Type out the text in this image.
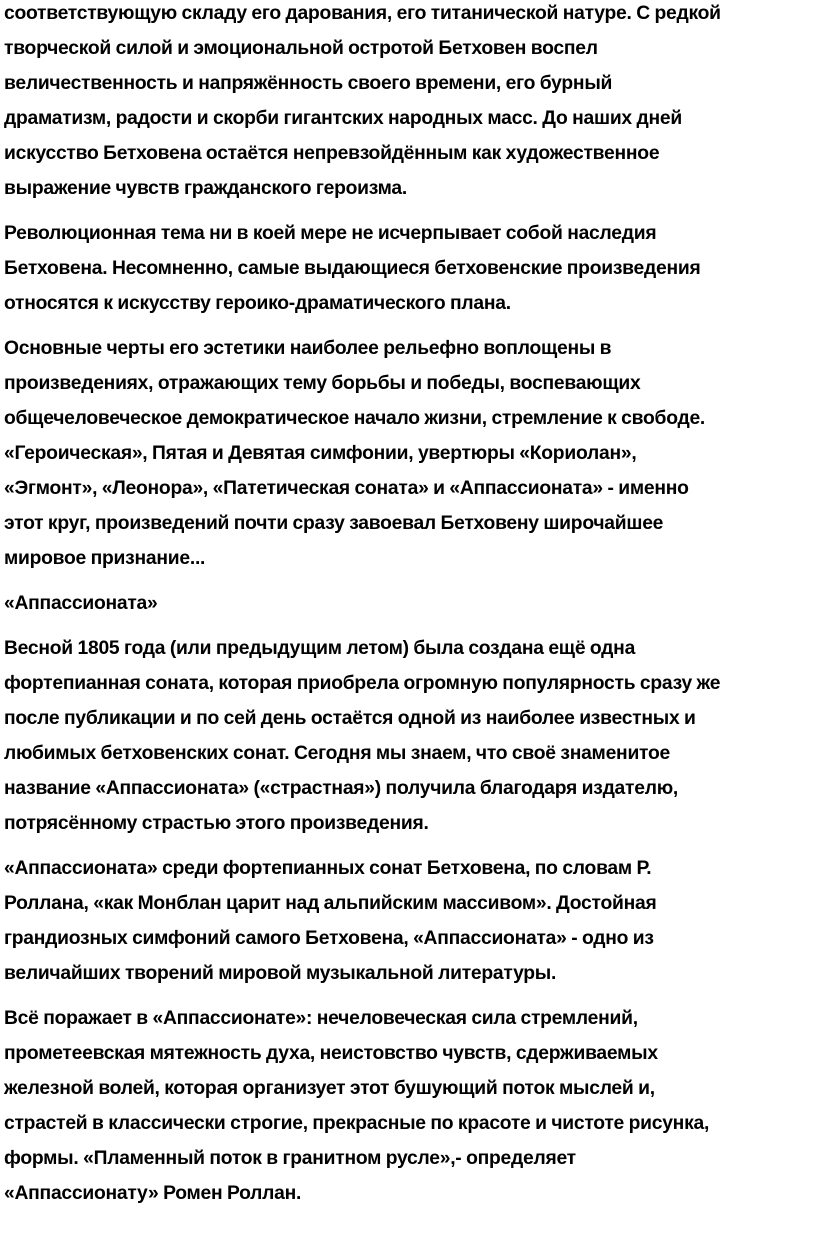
соответствующую складу его дарования, его титанической натуре. С редкой
творческой силой и эмоциональной остротой Бетховен воспел
величественность и напряжённость своего времени, его бурный
драматизм, радости и скорби гигантских народных масс. До наших дней
искусство Бетховена остаётся непревзойдённым как художественное
выражение чувств гражданского героизма.
Революционная тема ни в коей мере не исчерпывает собой наследия
Бетховена. Несомненно, самые выдающиеся бетховенские произведения
относятся к искусству героико-драматического плана.
Основные черты его эстетики наиболее рельефно воплощены в
произведениях, отражающих тему борьбы и победы, воспевающих
общечеловеческое демократическое начало жизни, стремление к свободе.
«Героическая», Пятая и Девятая симфонии, увертюры «Кориолан»,
«Эгмонт», «Леонора», «Патетическая соната» и «Аппассионата» - именно
этот круг, произведений почти сразу завоевал Бетховену широчайшее
мировое признание...
«Аппассионата»
Весной 1805 года (или предыдущим летом) была создана ещё одна
фортепианная соната, которая приобрела огромную популярность сразу же
после публикации и по сей день остаётся одной из наиболее известных и
любимых бетховенских сонат. Сегодня мы знаем, что своё знаменитое
название «Аппассионата» («страстная») получила благодаря издателю,
потрясённому страстью этого произведения.
«Аппассионата» среди фортепианных сонат Бетховена, по словам Р.
Роллана, «как Монблан царит над альпийским массивом». Достойная
грандиозных симфоний самого Бетховена, «Аппассионата» - одно из
величайших творений мировой музыкальной литературы.
Всё поражает в «Аппассионате»: нечеловеческая сила стремлений,
прометеевская мятежность духа, неистовство чувств, сдерживаемых
железной волей, которая организует этот бушующий поток мыслей и,
страстей в классически строгие, прекрасные по красоте и чистоте рисунка,
формы. «Пламенный поток в гранитном русле»,- определяет
«Аппассионату» Ромен Роллан.
